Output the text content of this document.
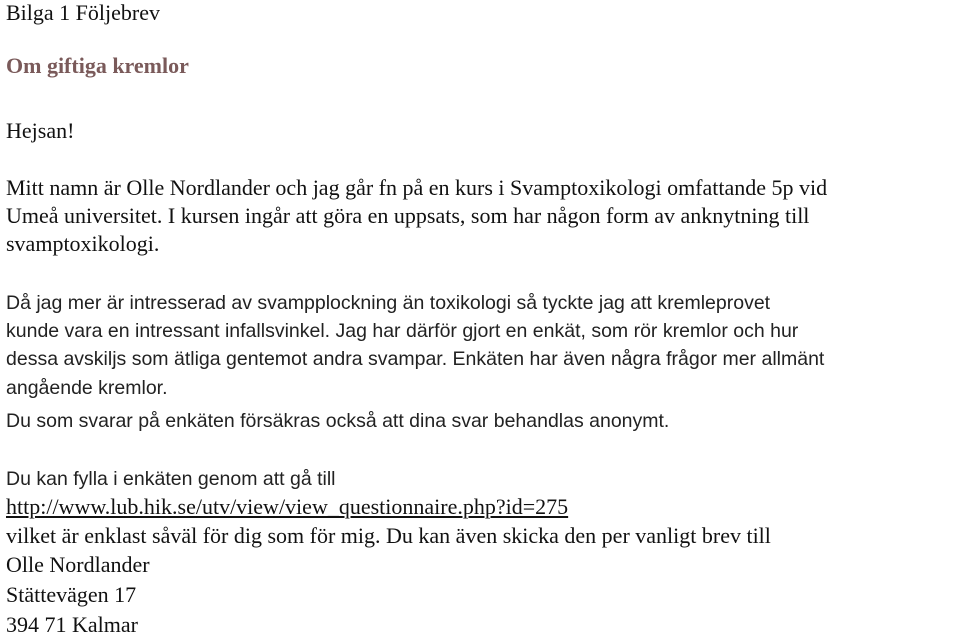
Bilga 1 Följebrev

Om giftiga kremlor

Hejsan!

Mitt namn är Olle Nordlander och jag går fn på en kurs i Svamptoxikologi omfattande 5p vid

Umeå universitet. I kursen ingår att göra en uppsats, som har någon form av anknytning till

svamptoxikologi.

Då jag mer är intresserad av svampplockning än toxikologi så tyckte jag att kremleprovet

kunde vara en intressant infallsvinkel. Jag har därför gjort en enkät, som rör kremlor och hur

dessa avskiljs som ätliga gentemot andra svampar. Enkäten har även några frågor mer allmänt

angående kremlor.

Du som svarar på enkäten försäkras också att dina svar behandlas anonymt.

Du kan fylla i enkäten genom att gå till

http://www.lub.hik.se/utv/view/view_questionnaire.php?id=275

vilket är enklast såväl för dig som för mig. Du kan även skicka den per vanligt brev till

Olle Nordlander

Stättevägen 17

394 71 Kalmar
